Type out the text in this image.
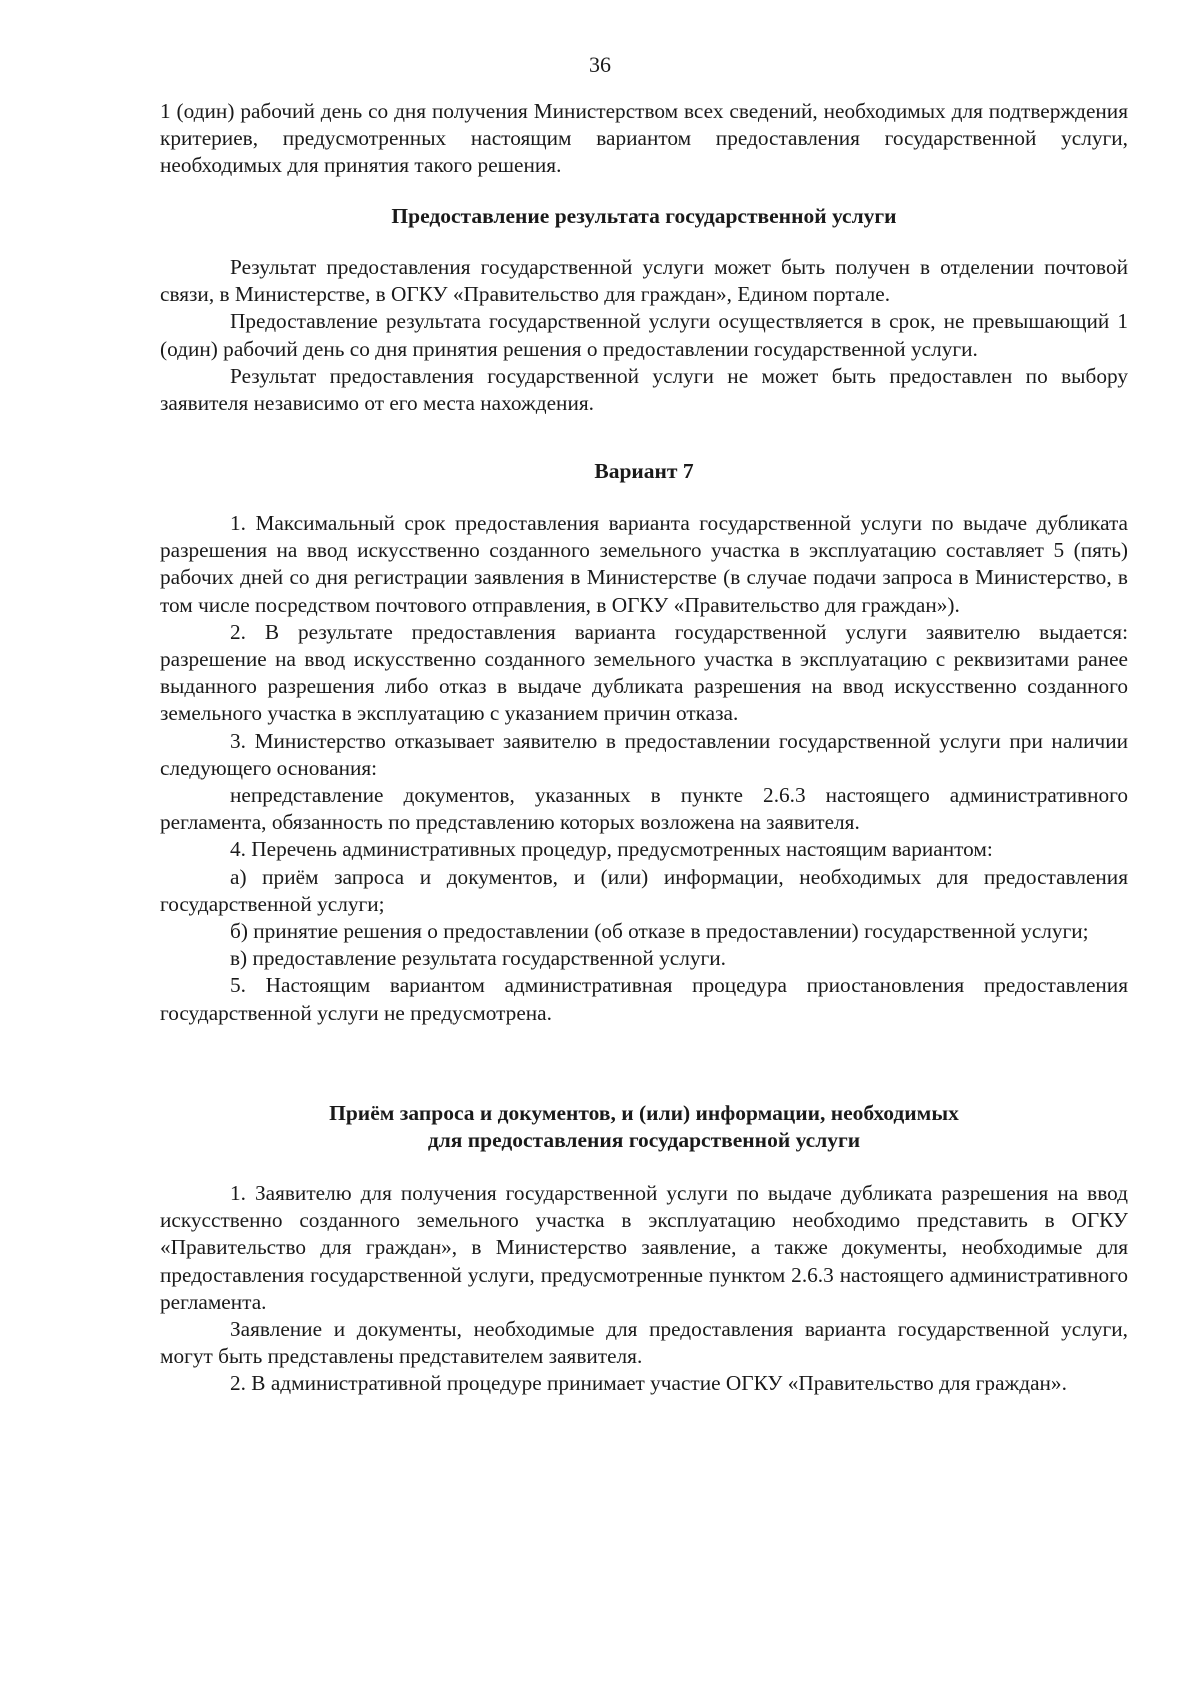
36

1 (один) рабочий день со дня получения Министерством всех сведений, необходимых для подтверждения критериев, предусмотренных настоящим вариантом предоставления государственной услуги, необходимых для принятия такого решения.

Предоставление результата государственной услуги

Результат предоставления государственной услуги может быть получен в отделении почтовой связи, в Министерстве, в ОГКУ «Правительство для граждан», Едином портале.

Предоставление результата государственной услуги осуществляется в срок, не превышающий 1 (один) рабочий день со дня принятия решения о предоставлении государственной услуги.

Результат предоставления государственной услуги не может быть предоставлен по выбору заявителя независимо от его места нахождения.

Вариант 7

1. Максимальный срок предоставления варианта государственной услуги по выдаче дубликата разрешения на ввод искусственно созданного земельного участка в эксплуатацию составляет 5 (пять) рабочих дней со дня регистрации заявления в Министерстве (в случае подачи запроса в Министерство, в том числе посредством почтового отправления, в ОГКУ «Правительство для граждан»).

2. В результате предоставления варианта государственной услуги заявителю выдается: разрешение на ввод искусственно созданного земельного участка в эксплуатацию с реквизитами ранее выданного разрешения либо отказ в выдаче дубликата разрешения на ввод искусственно созданного земельного участка в эксплуатацию с указанием причин отказа.

3. Министерство отказывает заявителю в предоставлении государственной услуги при наличии следующего основания:

непредставление документов, указанных в пункте 2.6.3 настоящего административного регламента, обязанность по представлению которых возложена на заявителя.

4. Перечень административных процедур, предусмотренных настоящим вариантом:

а) приём запроса и документов, и (или) информации, необходимых для предоставления государственной услуги;

б) принятие решения о предоставлении (об отказе в предоставлении) государственной услуги;

в) предоставление результата государственной услуги.

5. Настоящим вариантом административная процедура приостановления предоставления государственной услуги не предусмотрена.

Приём запроса и документов, и (или) информации, необходимых
для предоставления государственной услуги

1. Заявителю для получения государственной услуги по выдаче дубликата разрешения на ввод искусственно созданного земельного участка в эксплуатацию необходимо представить в ОГКУ «Правительство для граждан», в Министерство заявление, а также документы, необходимые для предоставления государственной услуги, предусмотренные пунктом 2.6.3 настоящего административного регламента.

Заявление и документы, необходимые для предоставления варианта государственной услуги, могут быть представлены представителем заявителя.

2. В административной процедуре принимает участие ОГКУ «Правительство для граждан».
